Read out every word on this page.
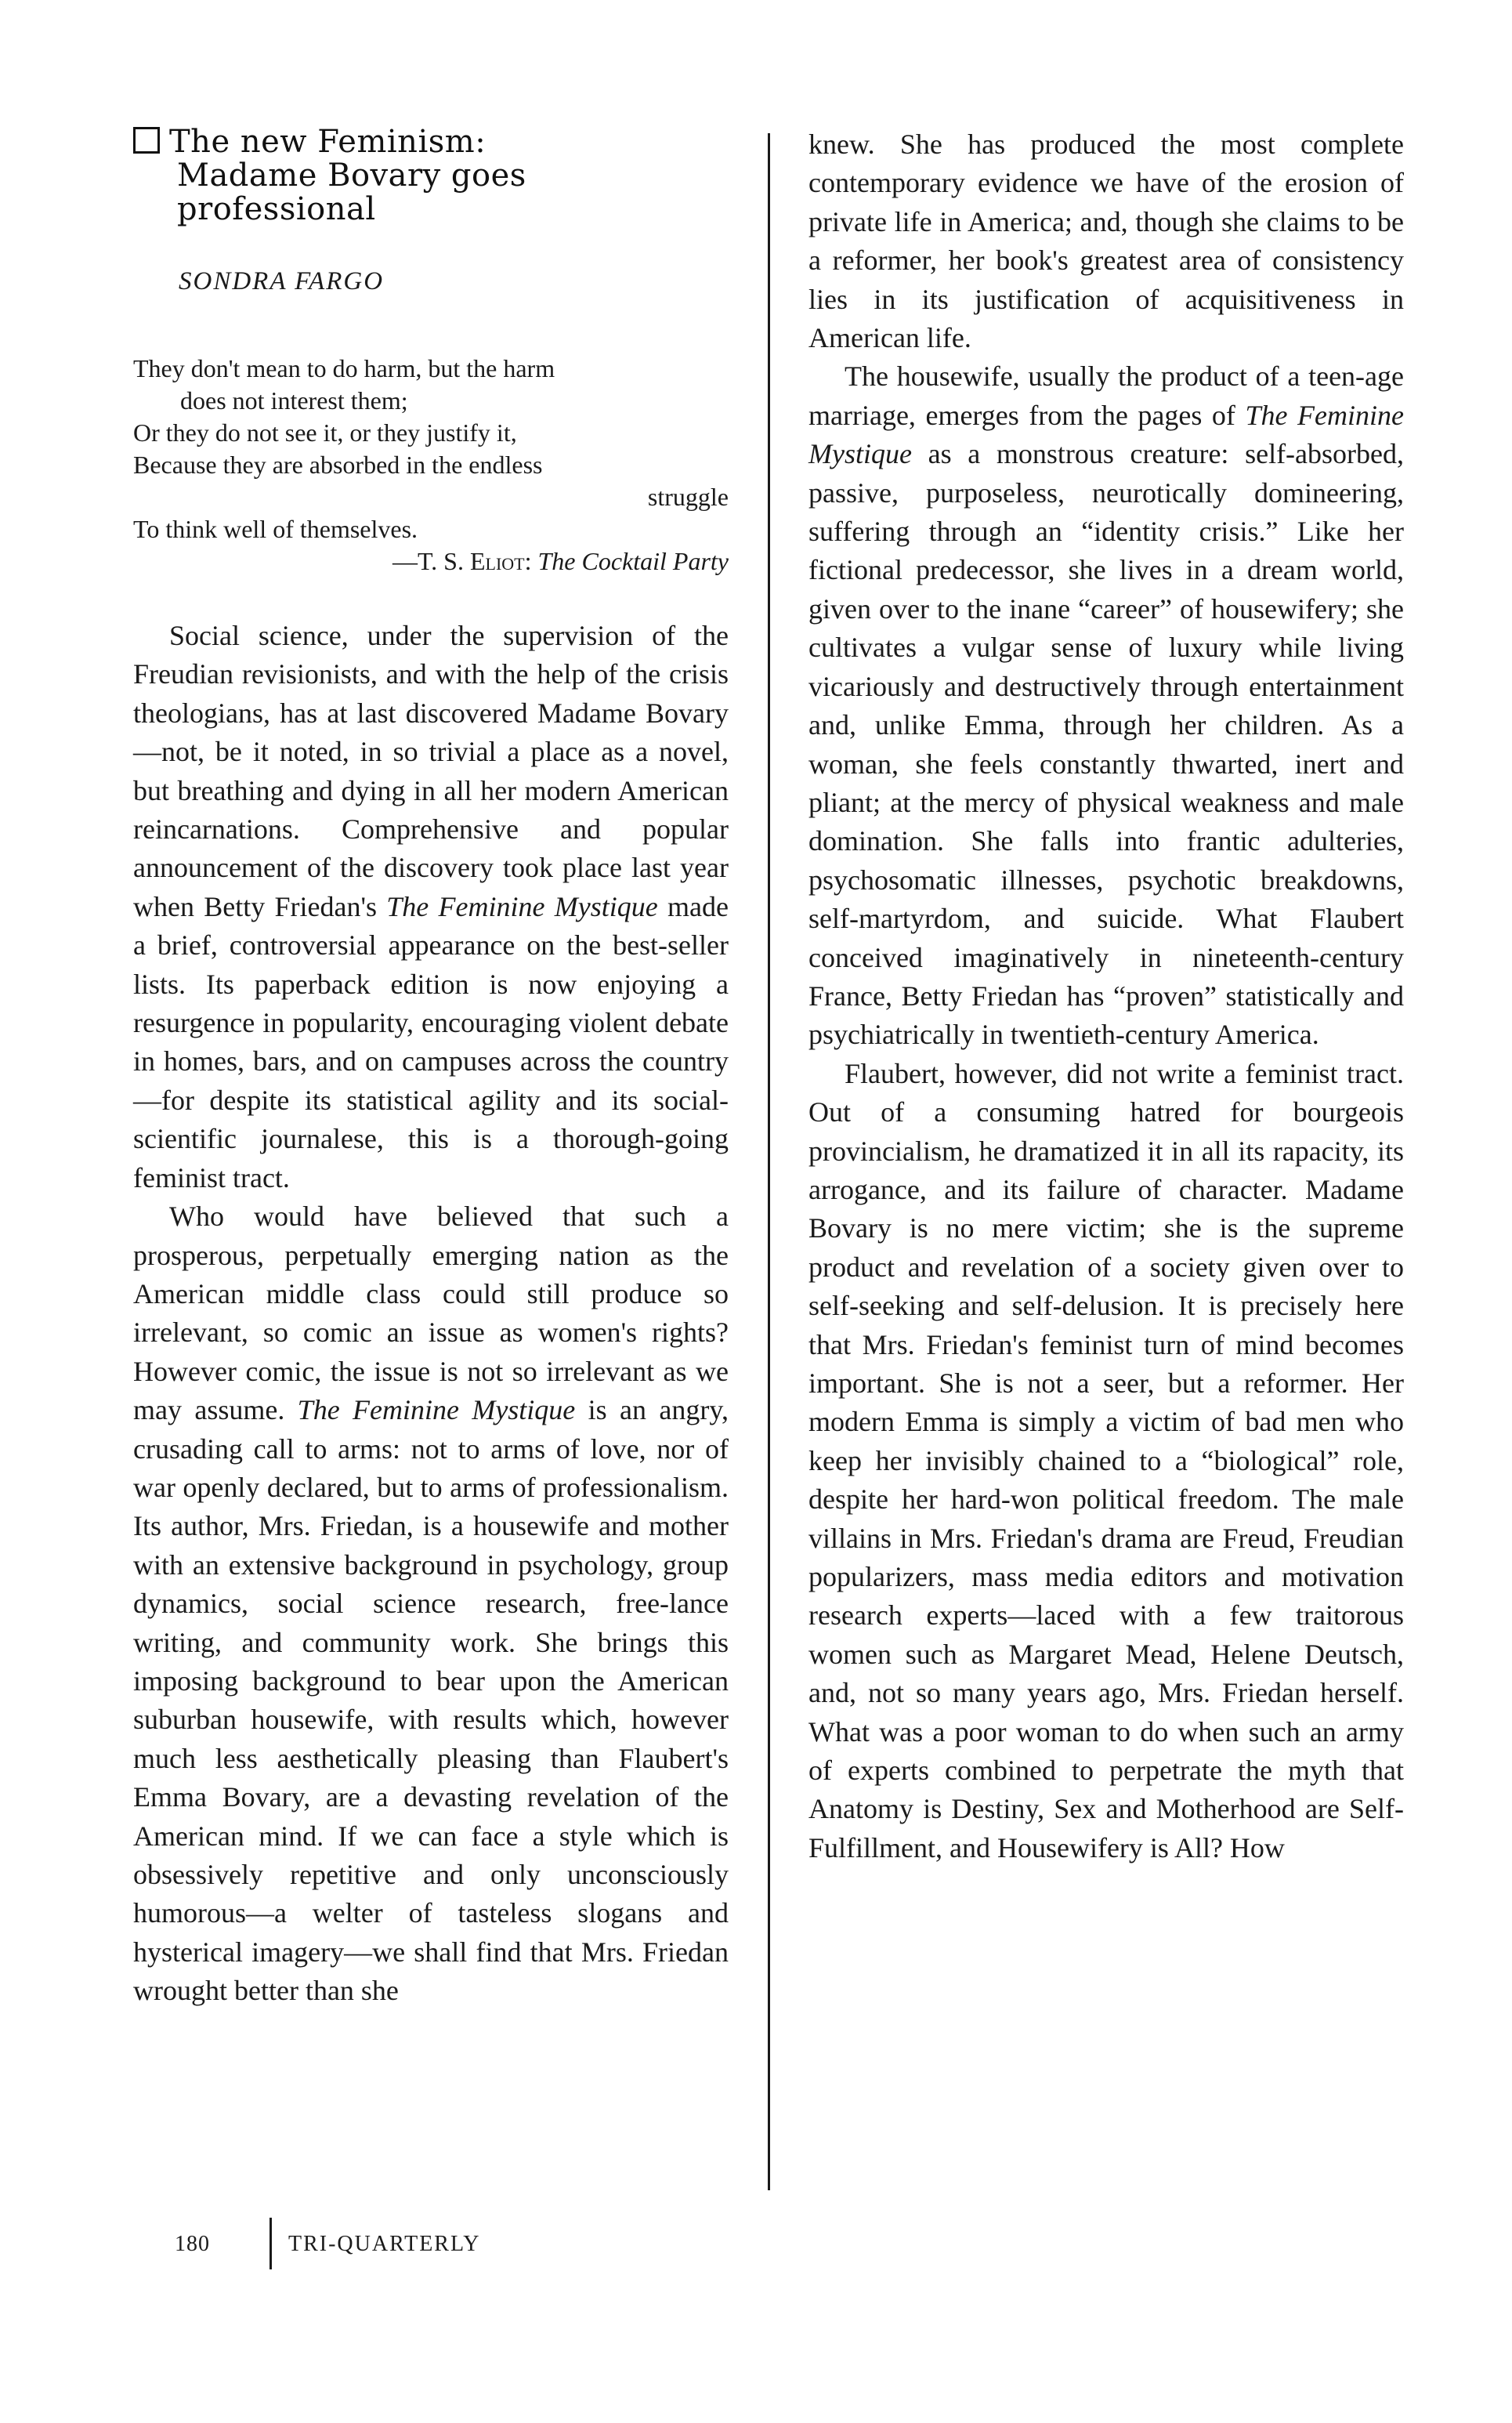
The new Feminism:
Madame Bovary goes
professional
SONDRA FARGO
They don't mean to do harm, but the harm
does not interest them;
Or they do not see it, or they justify it,
Because they are absorbed in the endless
struggle
To think well of themselves.
—T. S. Eliot: The Cocktail Party

Social science, under the supervision of the Freudian revisionists, and with the help of the crisis theologians, has at last discovered Madame Bovary—not, be it noted, in so trivial a place as a novel, but breathing and dying in all her modern American reincarnations. Comprehensive and popular announcement of the discovery took place last year when Betty Friedan's The Feminine Mystique made a brief, controversial appearance on the best-seller lists. Its paperback edition is now enjoying a resurgence in popularity, encouraging violent debate in homes, bars, and on campuses across the country—for despite its statistical agility and its social-scientific journalese, this is a thorough-going feminist tract.

Who would have believed that such a prosperous, perpetually emerging nation as the American middle class could still produce so irrelevant, so comic an issue as women's rights? However comic, the issue is not so irrelevant as we may assume. The Feminine Mystique is an angry, crusading call to arms: not to arms of love, nor of war openly declared, but to arms of professionalism. Its author, Mrs. Friedan, is a housewife and mother with an extensive background in psychology, group dynamics, social science research, free-lance writing, and community work. She brings this imposing background to bear upon the American suburban housewife, with results which, however much less aesthetically pleasing than Flaubert's Emma Bovary, are a devasting revelation of the American mind. If we can face a style which is obsessively repetitive and only unconsciously humorous—a welter of tasteless slogans and hysterical imagery—we shall find that Mrs. Friedan wrought better than she

knew. She has produced the most complete contemporary evidence we have of the erosion of private life in America; and, though she claims to be a reformer, her book's greatest area of consistency lies in its justification of acquisitiveness in American life.

The housewife, usually the product of a teen-age marriage, emerges from the pages of The Feminine Mystique as a monstrous creature: self-absorbed, passive, purposeless, neurotically domineering, suffering through an “identity crisis.” Like her fictional predecessor, she lives in a dream world, given over to the inane “career” of housewifery; she cultivates a vulgar sense of luxury while living vicariously and destructively through entertainment and, unlike Emma, through her children. As a woman, she feels constantly thwarted, inert and pliant; at the mercy of physical weakness and male domination. She falls into frantic adulteries, psychosomatic illnesses, psychotic breakdowns, self-martyrdom, and suicide. What Flaubert conceived imaginatively in nineteenth-century France, Betty Friedan has “proven” statistically and psychiatrically in twentieth-century America.

Flaubert, however, did not write a feminist tract. Out of a consuming hatred for bourgeois provincialism, he dramatized it in all its rapacity, its arrogance, and its failure of character. Madame Bovary is no mere victim; she is the supreme product and revelation of a society given over to self-seeking and self-delusion. It is precisely here that Mrs. Friedan's feminist turn of mind becomes important. She is not a seer, but a reformer. Her modern Emma is simply a victim of bad men who keep her invisibly chained to a “biological” role, despite her hard-won political freedom. The male villains in Mrs. Friedan's drama are Freud, Freudian popularizers, mass media editors and motivation research experts—laced with a few traitorous women such as Margaret Mead, Helene Deutsch, and, not so many years ago, Mrs. Friedan herself. What was a poor woman to do when such an army of experts combined to perpetrate the myth that Anatomy is Destiny, Sex and Motherhood are Self-Fulfillment, and Housewifery is All? How

180	TRI-QUARTERLY
